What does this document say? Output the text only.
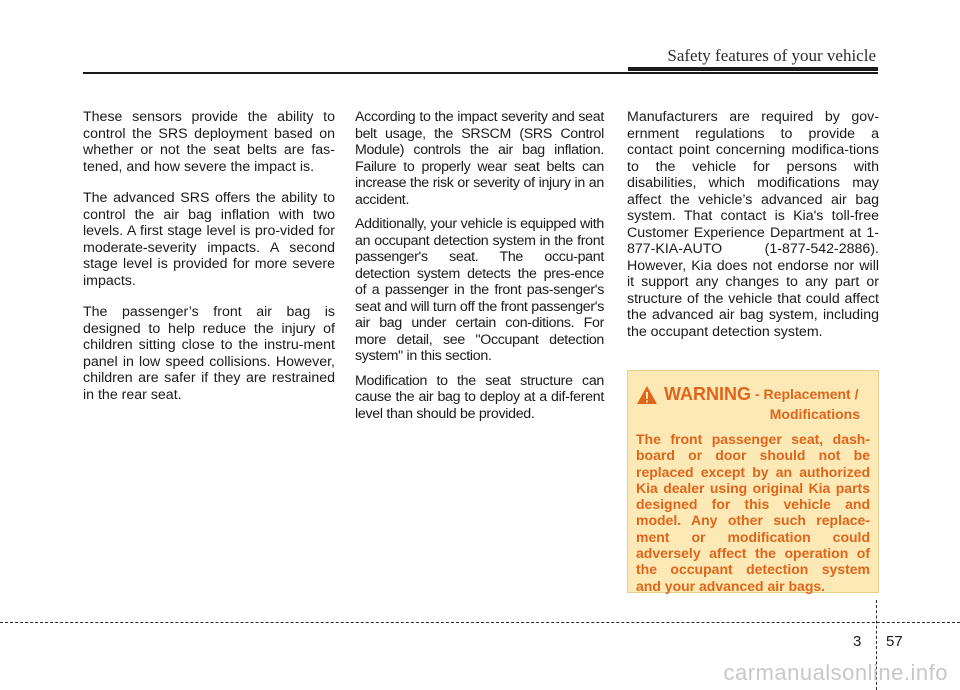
Safety features of your vehicle

These sensors provide the ability to control the SRS deployment based on whether or not the seat belts are fas-tened, and how severe the impact is.

The advanced SRS offers the ability to control the air bag inflation with two levels. A first stage level is pro-vided for moderate-severity impacts. A second stage level is provided for more severe impacts.

The passenger’s front air bag is designed to help reduce the injury of children sitting close to the instru-ment panel in low speed collisions. However, children are safer if they are restrained in the rear seat.

According to the impact severity and seat belt usage, the SRSCM (SRS Control Module) controls the air bag inflation. Failure to properly wear seat belts can increase the risk or severity of injury in an accident.

Additionally, your vehicle is equipped with an occupant detection system in the front passenger's seat. The occu-pant detection system detects the pres-ence of a passenger in the front pas-senger's seat and will turn off the front passenger's air bag under certain con-ditions. For more detail, see "Occupant detection system" in this section.

Modification to the seat structure can cause the air bag to deploy at a dif-ferent level than should be provided.

Manufacturers are required by gov-ernment regulations to provide a contact point concerning modifica-tions to the vehicle for persons with disabilities, which modifications may affect the vehicle’s advanced air bag system. That contact is Kia's toll-free Customer Experience Department at 1-877-KIA-AUTO (1-877-542-2886). However, Kia does not endorse nor will it support any changes to any part or structure of the vehicle that could affect the advanced air bag system, including the occupant detection system.

WARNING - Replacement /
Modifications
The front passenger seat, dash-board or door should not be replaced except by an authorized Kia dealer using original Kia parts designed for this vehicle and model. Any other such replace-ment or modification could adversely affect the operation of the occupant detection system and your advanced air bags.
3 57
carmanualsonline.info
